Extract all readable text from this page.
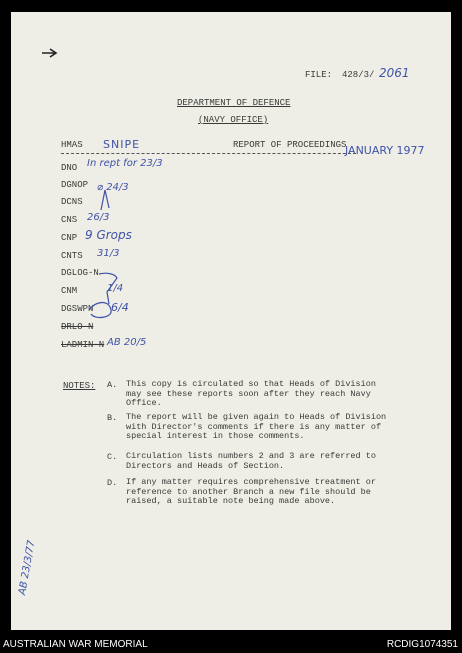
FILE: 428/3/ 2061
DEPARTMENT OF DEFENCE
(NAVY OFFICE)
HMAS SNIPE	REPORT OF PROCEEDINGS
JANUARY 1977
DNO In rept for 23/3
DGNOP ⌀ 24/3
DCNS
CNS 26/3
CNP 9 Grops
CNTS 31/3
DGLOG-N
CNM	1/4
DGSWPN 6/4
DRLO-N
LADMIN-N AB 20/5
NOTES: A. This copy is circulated so that Heads of Division may see these reports soon after they reach Navy Office.
B. The report will be given again to Heads of Division with Director's comments if there is any matter of special interest in those comments.
C. Circulation lists numbers 2 and 3 are referred to Directors and Heads of Section.
D. If any matter requires comprehensive treatment or reference to another Branch a new file should be raised, a suitable note being made above.
AB 23/3/77
AUSTRALIAN WAR MEMORIAL	RCDIG1074351
